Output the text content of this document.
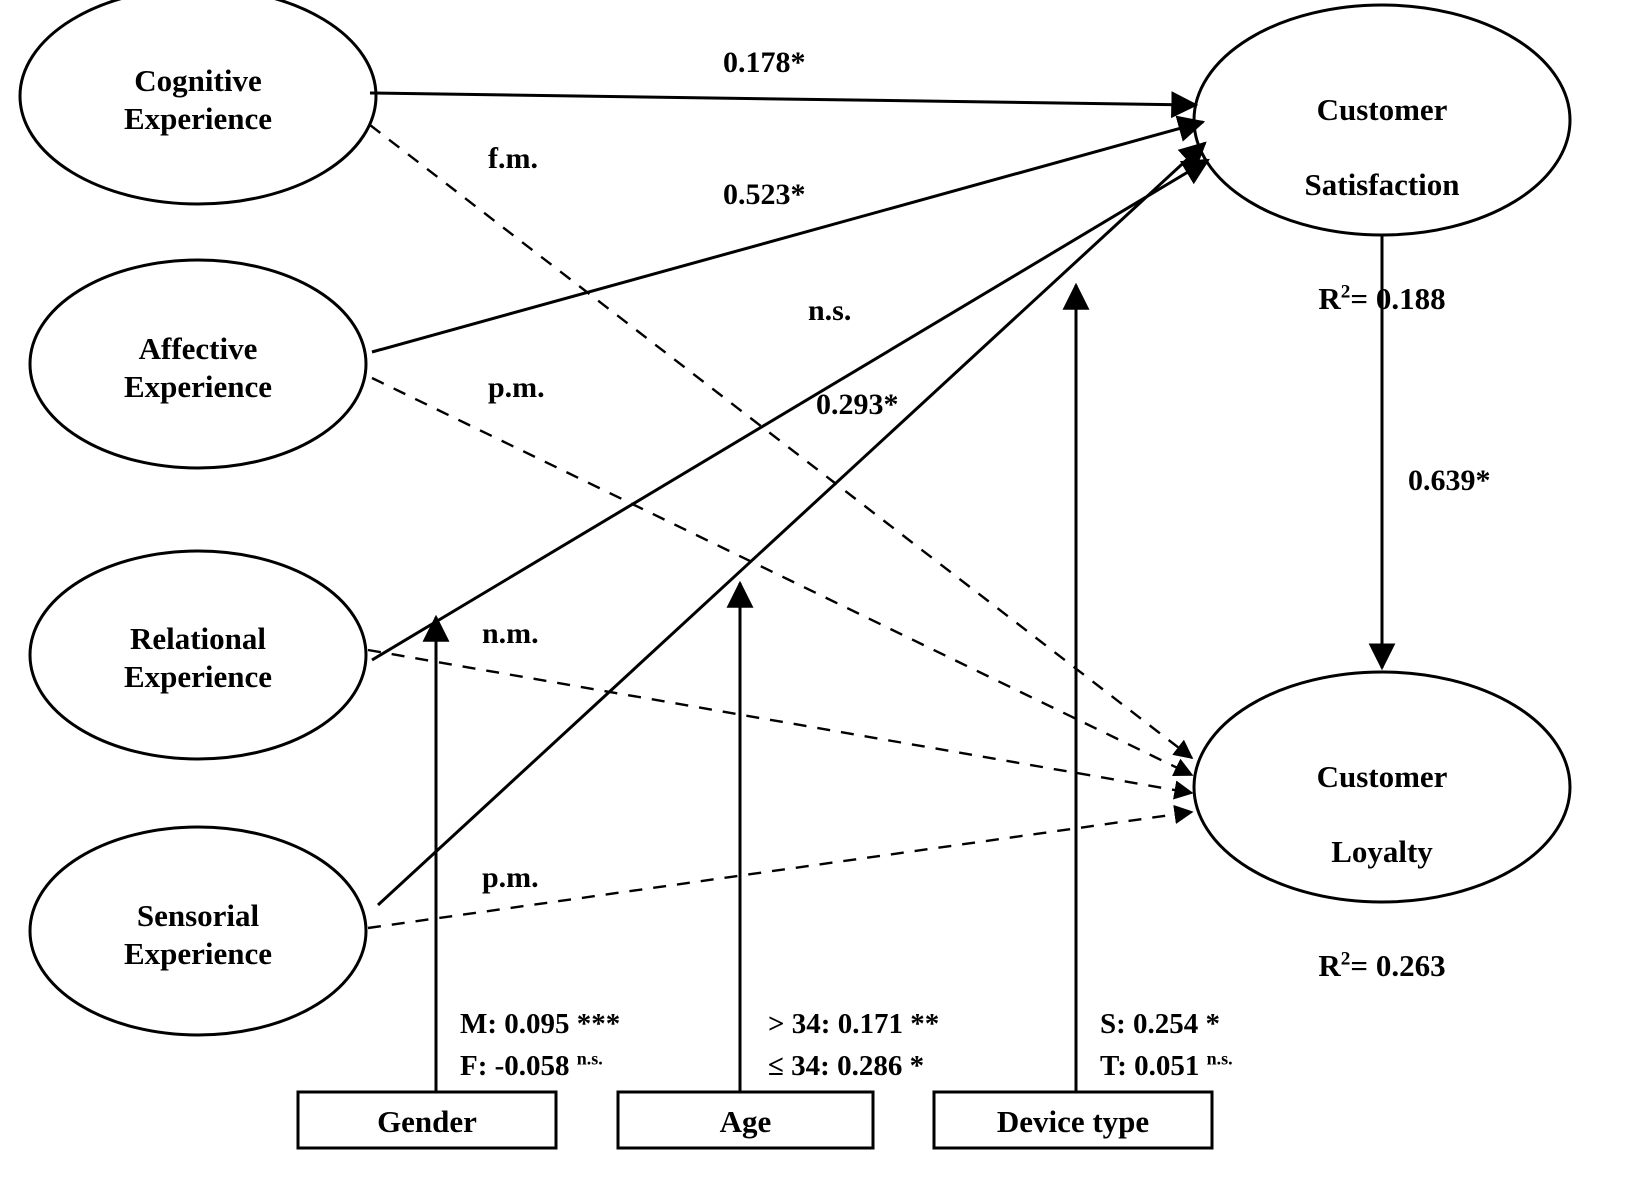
Cognitive
Experience
Affective
Experience
Relational
Experience
Sensorial
Experience

Customer

Satisfaction

$R^2= 0.188$

Customer

Loyalty

$R^2= 0.263$

Gender	Age	Device type
0.178*
f.m.
0.523*
p.m.
n.s.
n.m.
0.293*
p.m.
0.639*
M: 0.095 ***
F: -0.058 $^{n.s.}$
> 34: 0.171 **
≤ 34: 0.286 *
S: 0.254 *
T: 0.051 $^{n.s.}$
